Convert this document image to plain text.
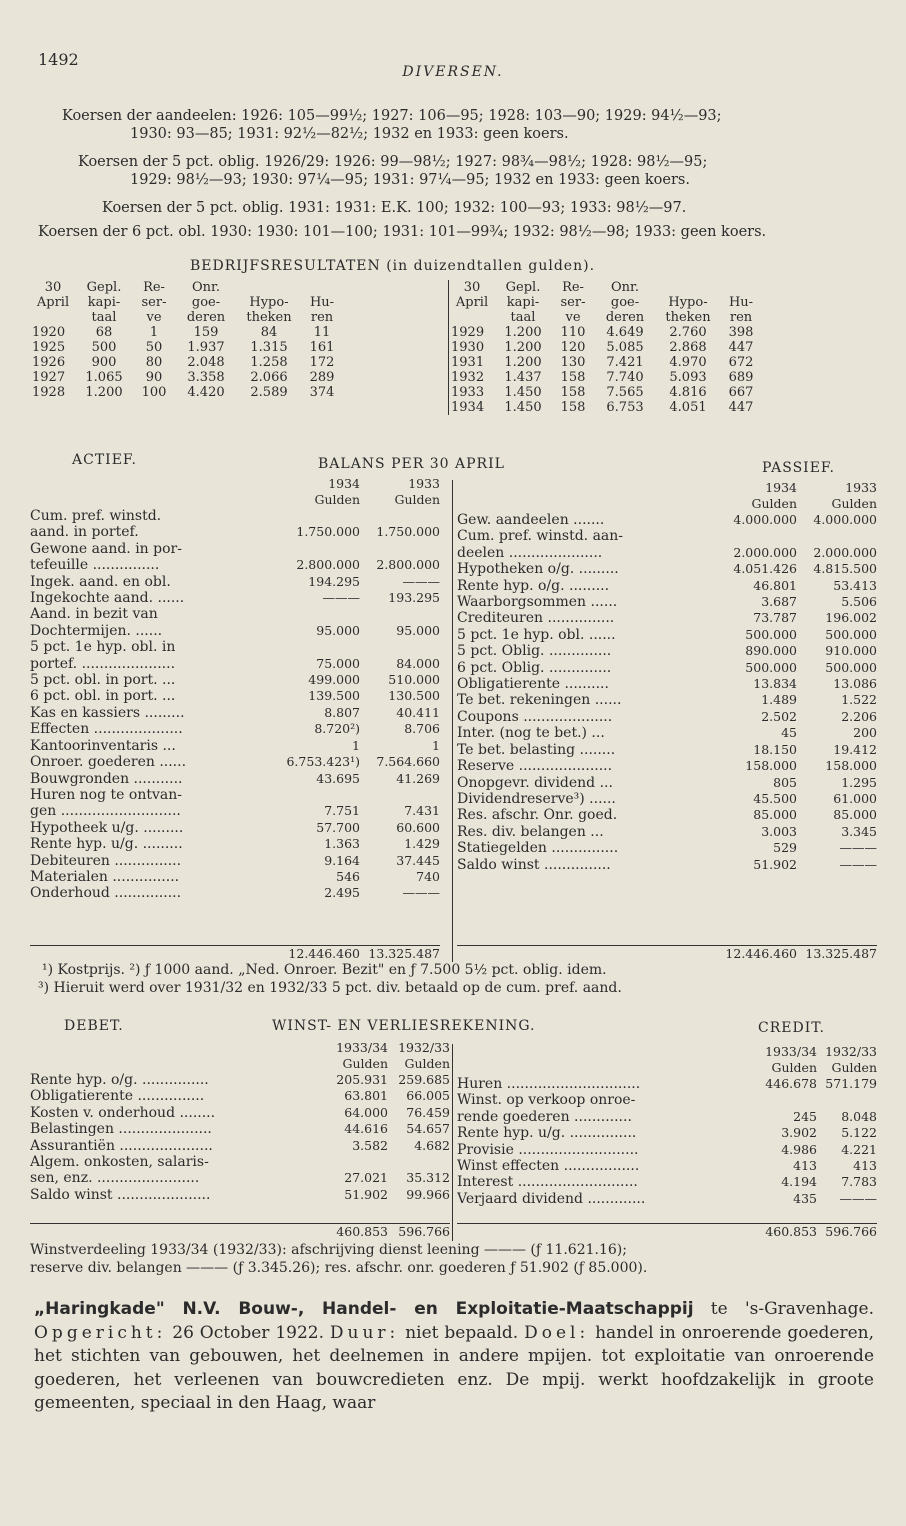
1492
DIVERSEN.
Koersen der aandeelen: 1926: 105—99½; 1927: 106—95; 1928: 103—90; 1929: 94½—93;
1930: 93—85; 1931: 92½—82½; 1932 en 1933: geen koers.
Koersen der 5 pct. oblig. 1926/29: 1926: 99—98½; 1927: 98¾—98½; 1928: 98½—95;
1929: 98½—93; 1930: 97¼—95; 1931: 97¼—95; 1932 en 1933: geen koers.
Koersen der 5 pct. oblig. 1931: 1931: E.K. 100; 1932: 100—93; 1933: 98½—97.
Koersen der 6 pct. obl. 1930: 1930: 101—100; 1931: 101—99¾; 1932: 98½—98; 1933: geen koers.
BEDRIJFSRESULTATEN (in duizendtallen gulden).
30	Gepl.	Re-	Onr.		
April	kapi-	ser-	goe-	Hypo-	Hu-
	taal	ve	deren	theken	ren
1920	68	1	159	84	11
1925	500	50	1.937	1.315	161
1926	900	80	2.048	1.258	172
1927	1.065	90	3.358	2.066	289
1928	1.200	100	4.420	2.589	374
30	Gepl.	Re-	Onr.		
April	kapi-	ser-	goe-	Hypo-	Hu-
	taal	ve	deren	theken	ren
1929	1.200	110	4.649	2.760	398
1930	1.200	120	5.085	2.868	447
1931	1.200	130	7.421	4.970	672
1932	1.437	158	7.740	5.093	689
1933	1.450	158	7.565	4.816	667
1934	1.450	158	6.753	4.051	447
ACTIEF.	BALANS PER 30 APRIL	PASSIEF.
1934	1933
Gulden	Gulden
Cum. pref. winstd.
aand. in portef.	1.750.000	1.750.000
Gewone aand. in por-
tefeuille ...............	2.800.000	2.800.000
Ingek. aand. en obl.	194.295	———
Ingekochte aand. ......	———	193.295
Aand. in bezit van
Dochtermijen. ......	95.000	95.000
5 pct. 1e hyp. obl. in
portef. .....................	75.000	84.000
5 pct. obl. in port. ...	499.000	510.000
6 pct. obl. in port. ...	139.500	130.500
Kas en kassiers .........	8.807	40.411
Effecten ....................	8.720²)	8.706
Kantoorinventaris ...	1	1
Onroer. goederen ......	6.753.423¹)	7.564.660
Bouwgronden ...........	43.695	41.269
Huren nog te ontvan-
gen ...........................	7.751	7.431
Hypotheek u/g. .........	57.700	60.600
Rente hyp. u/g. .........	1.363	1.429
Debiteuren ...............	9.164	37.445
Materialen ...............	546	740
Onderhoud ...............	2.495	———
12.446.460 13.325.487
1934	1933
Gulden	Gulden
Gew. aandeelen .......	4.000.000	4.000.000
Cum. pref. winstd. aan-
deelen .....................	2.000.000	2.000.000
Hypotheken o/g. .........	4.051.426	4.815.500
Rente hyp. o/g. .........	46.801	53.413
Waarborgsommen ......	3.687	5.506
Crediteuren ...............	73.787	196.002
5 pct. 1e hyp. obl. ......	500.000	500.000
5 pct. Oblig. ..............	890.000	910.000
6 pct. Oblig. ..............	500.000	500.000
Obligatierente ..........	13.834	13.086
Te bet. rekeningen ......	1.489	1.522
Coupons ....................	2.502	2.206
Inter. (nog te bet.) ...	45	200
Te bet. belasting ........	18.150	19.412
Reserve .....................	158.000	158.000
Onopgevr. dividend ...	805	1.295
Dividendreserve³) ......	45.500	61.000
Res. afschr. Onr. goed.	85.000	85.000
Res. div. belangen ...	3.003	3.345
Statiegelden ...............	529	———
Saldo winst ...............	51.902	———
12.446.460 13.325.487
¹) Kostprijs. ²) ƒ 1000 aand. „Ned. Onroer. Bezit" en ƒ 7.500 5½ pct. oblig. idem.
³) Hieruit werd over 1931/32 en 1932/33 5 pct. div. betaald op de cum. pref. aand.
DEBET.	WINST- EN VERLIESREKENING.	CREDIT.
1933/34 1932/33
Gulden	Gulden
Rente hyp. o/g. ...............	205.931 259.685
Obligatierente ...............	63.801	66.005
Kosten v. onderhoud ........	64.000	76.459
Belastingen .....................	44.616	54.657
Assurantiën .....................	3.582	4.682
Algem. onkosten, salaris-
sen, enz. .......................	27.021	35.312
Saldo winst .....................	51.902	99.966
460.853 596.766
1933/34 1932/33
Gulden	Gulden
Huren ..............................	446.678 571.179
Winst. op verkoop onroe-
rende goederen .............	245	8.048
Rente hyp. u/g. ...............	3.902	5.122
Provisie ...........................	4.986	4.221
Winst effecten .................	413	413
Interest ...........................	4.194	7.783
Verjaard dividend .............	435	———
460.853 596.766
Winstverdeeling 1933/34 (1932/33): afschrijving dienst leening ——— (ƒ 11.621.16);
reserve div. belangen ——— (ƒ 3.345.26); res. afschr. onr. goederen ƒ 51.902 (ƒ 85.000).
„Haringkade" N.V. Bouw-, Handel- en Exploitatie-Maatschappij te 's-Gravenhage. Opgericht: 26 October 1922. Duur: niet bepaald. Doel: handel in onroerende goederen, het stichten van gebouwen, het deelnemen in andere mpijen. tot exploitatie van onroerende goederen, het verleenen van bouwcredieten enz. De mpij. werkt hoofdzakelijk in groote gemeenten, speciaal in den Haag, waar
